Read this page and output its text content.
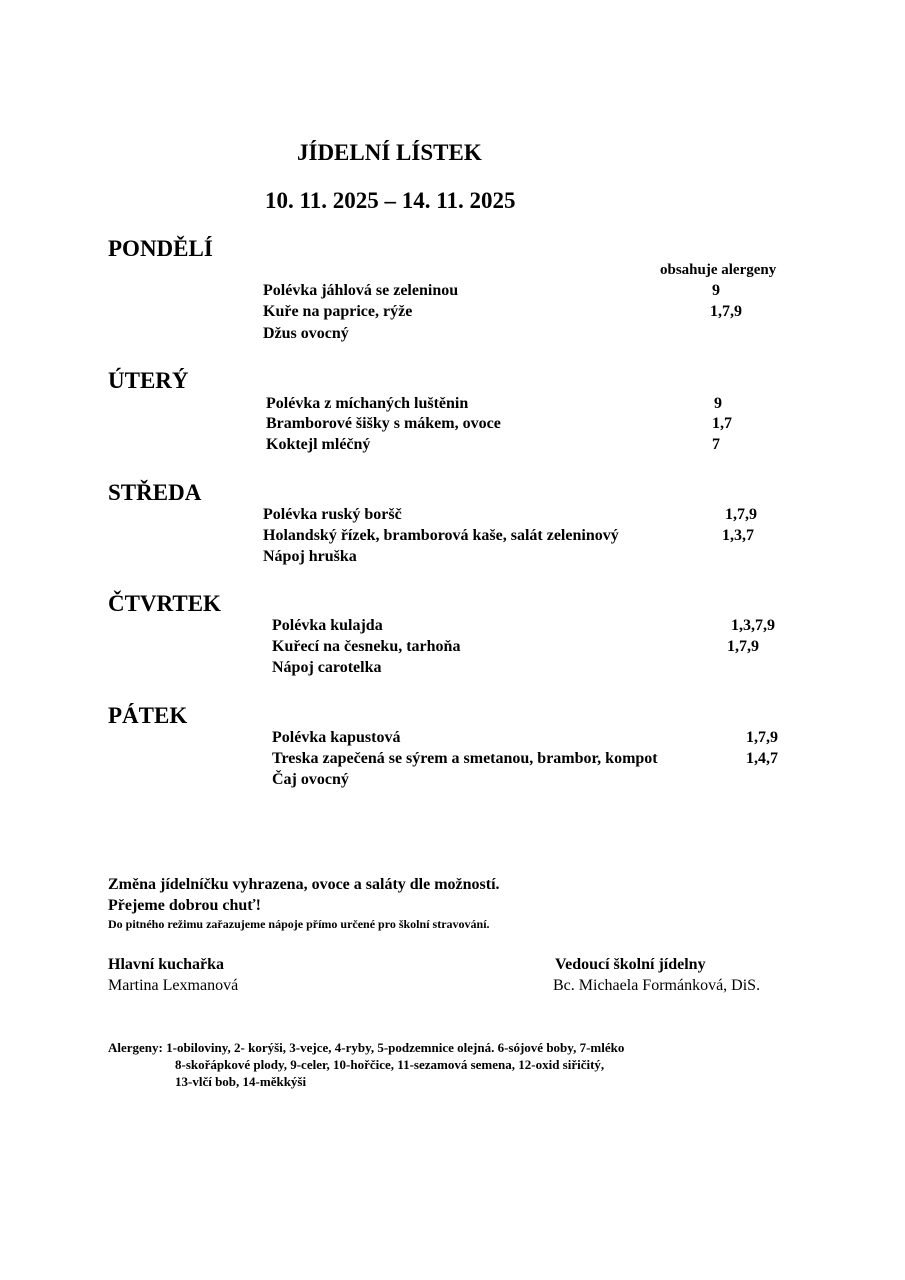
JÍDELNÍ LÍSTEK
10. 11. 2025 – 14. 11. 2025
PONDĚLÍ
obsahuje alergeny
Polévka jáhlová se zeleninou	9
Kuře na paprice, rýže	1,7,9
Džus ovocný
ÚTERÝ
Polévka z míchaných luštěnin	9
Bramborové šišky s mákem, ovoce	1,7
Koktejl mléčný	7
STŘEDA
Polévka ruský boršč	1,7,9
Holandský řízek, bramborová kaše, salát zeleninový	1,3,7
Nápoj hruška
ČTVRTEK
Polévka kulajda	1,3,7,9
Kuřecí na česneku, tarhoňa	1,7,9
Nápoj carotelka
PÁTEK
Polévka kapustová	1,7,9
Treska zapečená se sýrem a smetanou, brambor, kompot	1,4,7
Čaj ovocný
Změna jídelníčku vyhrazena, ovoce a saláty dle možností.
Přejeme dobrou chuť!
Do pitného režimu zařazujeme nápoje přímo určené pro školní stravování.
Hlavní kuchařka
Martina Lexmanová
Vedoucí školní jídelny
Bc. Michaela Formánková, DiS.
Alergeny: 1-obiloviny, 2- korýši, 3-vejce, 4-ryby, 5-podzemnice olejná. 6-sójové boby, 7-mléko
8-skořápkové plody, 9-celer, 10-hořčice, 11-sezamová semena, 12-oxid siřičitý,
13-vlčí bob, 14-měkkýši
